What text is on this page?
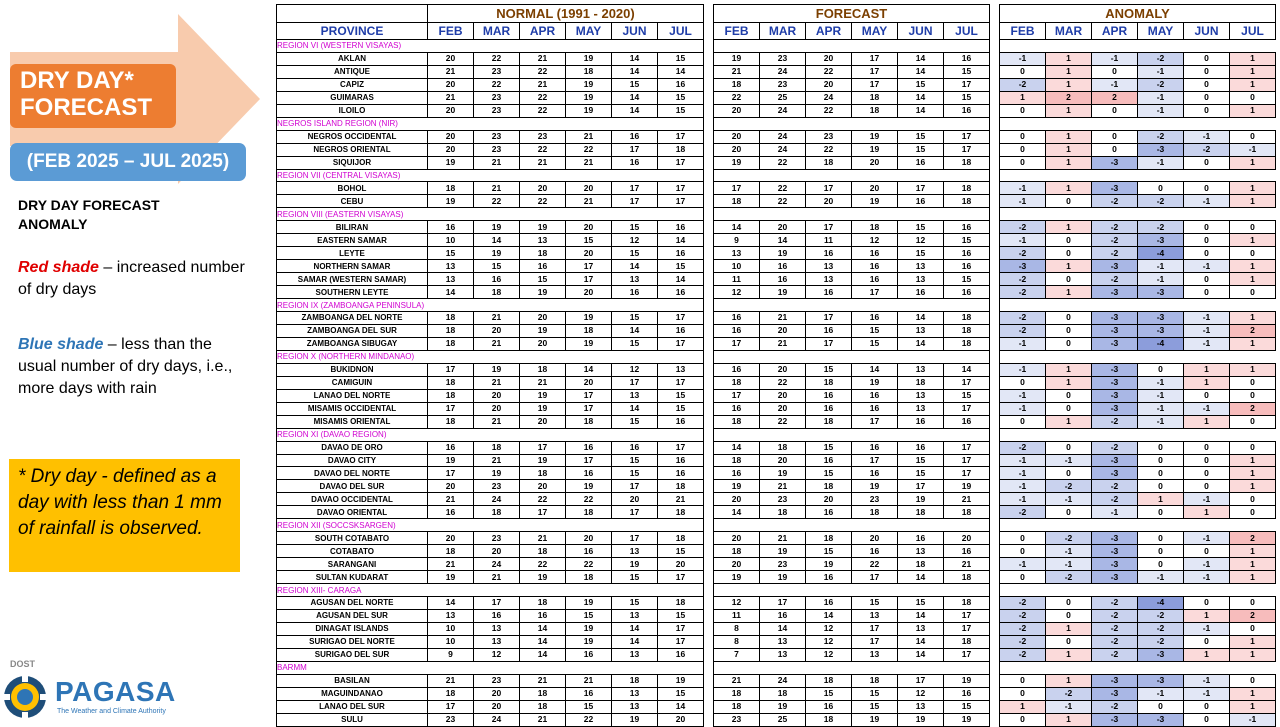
DRY DAY*
FORECAST
(FEB 2025 – JUL 2025)
DRY DAY FORECAST
ANOMALY
Red shade – increased number of dry days
Blue shade – less than the usual number of dry days, i.e., more days with rain
* Dry day - defined as a day with less than 1 mm of rainfall is observed.
DOST
PAGASA
The Weather and Climate Authority
	NORMAL (1991 - 2020)							FORECAST							ANOMALY					
PROVINCE	FEB	MAR	APR	MAY	JUN	JUL		FEB	MAR	APR	MAY	JUN	JUL		FEB	MAR	APR	MAY	JUN	JUL
REGION VI (WESTERN VISAYAS)																				
AKLAN	20	22	21	19	14	15		19	23	20	17	14	16		-1	1	-1	-2	0	1
ANTIQUE	21	23	22	18	14	14		21	24	22	17	14	15		0	1	0	-1	0	1
CAPIZ	20	22	21	19	15	16		18	23	20	17	15	17		-2	1	-1	-2	0	1
GUIMARAS	21	23	22	19	14	15		22	25	24	18	14	15		1	2	2	-1	0	0
ILOILO	20	23	22	19	14	15		20	24	22	18	14	16		0	1	0	-1	0	1
NEGROS ISLAND REGION (NIR)																				
NEGROS OCCIDENTAL	20	23	23	21	16	17		20	24	23	19	15	17		0	1	0	-2	-1	0
NEGROS ORIENTAL	20	23	22	22	17	18		20	24	22	19	15	17		0	1	0	-3	-2	-1
SIQUIJOR	19	21	21	21	16	17		19	22	18	20	16	18		0	1	-3	-1	0	1
REGION VII (CENTRAL VISAYAS)																				
BOHOL	18	21	20	20	17	17		17	22	17	20	17	18		-1	1	-3	0	0	1
CEBU	19	22	22	21	17	17		18	22	20	19	16	18		-1	0	-2	-2	-1	1
REGION VIII (EASTERN VISAYAS)																				
BILIRAN	16	19	19	20	15	16		14	20	17	18	15	16		-2	1	-2	-2	0	0
EASTERN SAMAR	10	14	13	15	12	14		9	14	11	12	12	15		-1	0	-2	-3	0	1
LEYTE	15	19	18	20	15	16		13	19	16	16	15	16		-2	0	-2	-4	0	0
NORTHERN SAMAR	13	15	16	17	14	15		10	16	13	16	13	16		-3	1	-3	-1	-1	1
SAMAR (WESTERN SAMAR)	13	16	15	17	13	14		11	16	13	16	13	15		-2	0	-2	-1	0	1
SOUTHERN LEYTE	14	18	19	20	16	16		12	19	16	17	16	16		-2	1	-3	-3	0	0
REGION IX (ZAMBOANGA PENINSULA)																				
ZAMBOANGA DEL NORTE	18	21	20	19	15	17		16	21	17	16	14	18		-2	0	-3	-3	-1	1
ZAMBOANGA DEL SUR	18	20	19	18	14	16		16	20	16	15	13	18		-2	0	-3	-3	-1	2
ZAMBOANGA SIBUGAY	18	21	20	19	15	17		17	21	17	15	14	18		-1	0	-3	-4	-1	1
REGION X (NORTHERN MINDANAO)																				
BUKIDNON	17	19	18	14	12	13		16	20	15	14	13	14		-1	1	-3	0	1	1
CAMIGUIN	18	21	21	20	17	17		18	22	18	19	18	17		0	1	-3	-1	1	0
LANAO DEL NORTE	18	20	19	17	13	15		17	20	16	16	13	15		-1	0	-3	-1	0	0
MISAMIS OCCIDENTAL	17	20	19	17	14	15		16	20	16	16	13	17		-1	0	-3	-1	-1	2
MISAMIS ORIENTAL	18	21	20	18	15	16		18	22	18	17	16	16		0	1	-2	-1	1	0
REGION XI (DAVAO REGION)																				
DAVAO DE ORO	16	18	17	16	16	17		14	18	15	16	16	17		-2	0	-2	0	0	0
DAVAO CITY	19	21	19	17	15	16		18	20	16	17	15	17		-1	-1	-3	0	0	1
DAVAO DEL NORTE	17	19	18	16	15	16		16	19	15	16	15	17		-1	0	-3	0	0	1
DAVAO DEL SUR	20	23	20	19	17	18		19	21	18	19	17	19		-1	-2	-2	0	0	1
DAVAO OCCIDENTAL	21	24	22	22	20	21		20	23	20	23	19	21		-1	-1	-2	1	-1	0
DAVAO ORIENTAL	16	18	17	18	17	18		14	18	16	18	18	18		-2	0	-1	0	1	0
REGION XII (SOCCSKSARGEN)																				
SOUTH COTABATO	20	23	21	20	17	18		20	21	18	20	16	20		0	-2	-3	0	-1	2
COTABATO	18	20	18	16	13	15		18	19	15	16	13	16		0	-1	-3	0	0	1
SARANGANI	21	24	22	22	19	20		20	23	19	22	18	21		-1	-1	-3	0	-1	1
SULTAN KUDARAT	19	21	19	18	15	17		19	19	16	17	14	18		0	-2	-3	-1	-1	1
REGION XIII- CARAGA																				
AGUSAN DEL NORTE	14	17	18	19	15	18		12	17	16	15	15	18		-2	0	-2	-4	0	0
AGUSAN DEL SUR	13	16	16	15	13	15		11	16	14	13	14	17		-2	0	-2	-2	1	2
DINAGAT ISLANDS	10	13	14	19	14	17		8	14	12	17	13	17		-2	1	-2	-2	-1	0
SURIGAO DEL NORTE	10	13	14	19	14	17		8	13	12	17	14	18		-2	0	-2	-2	0	1
SURIGAO DEL SUR	9	12	14	16	13	16		7	13	12	13	14	17		-2	1	-2	-3	1	1
BARMM																				
BASILAN	21	23	21	21	18	19		21	24	18	18	17	19		0	1	-3	-3	-1	0
MAGUINDANAO	18	20	18	16	13	15		18	18	15	15	12	16		0	-2	-3	-1	-1	1
LANAO DEL SUR	17	20	18	15	13	14		18	19	16	15	13	15		1	-1	-2	0	0	1
SULU	23	24	21	22	19	20		23	25	18	19	19	19		0	1	-3	-3	0	-1
